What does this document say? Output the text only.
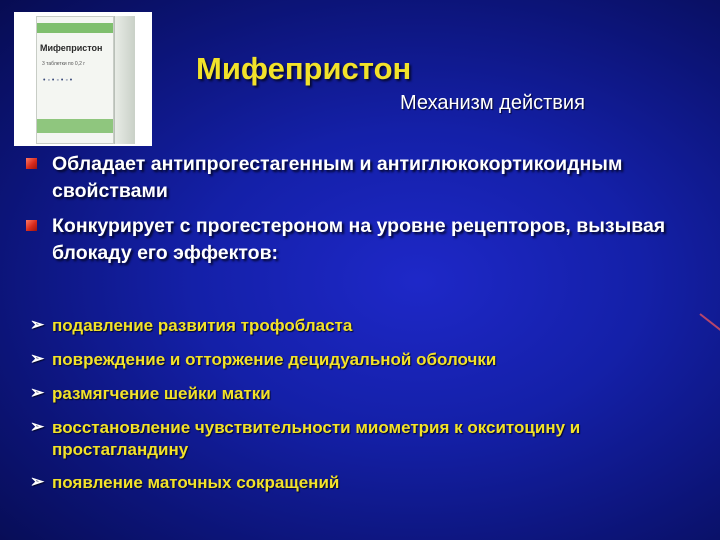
Мифепристон
3 таблетки по 0,2 г
•◦•◦•◦•	Мифепристон
Механизм действия
Обладает антипрогестагенным и антиглюкокортикоидным свойствами
Конкурирует с прогестероном на уровне рецепторов, вызывая блокаду его эффектов:
➢ подавление развития трофобласта
➢ повреждение и отторжение децидуальной оболочки
➢ размягчение шейки матки
➢ восстановление чувствительности миометрия к окситоцину и простагландину
➢ появление маточных сокращений
